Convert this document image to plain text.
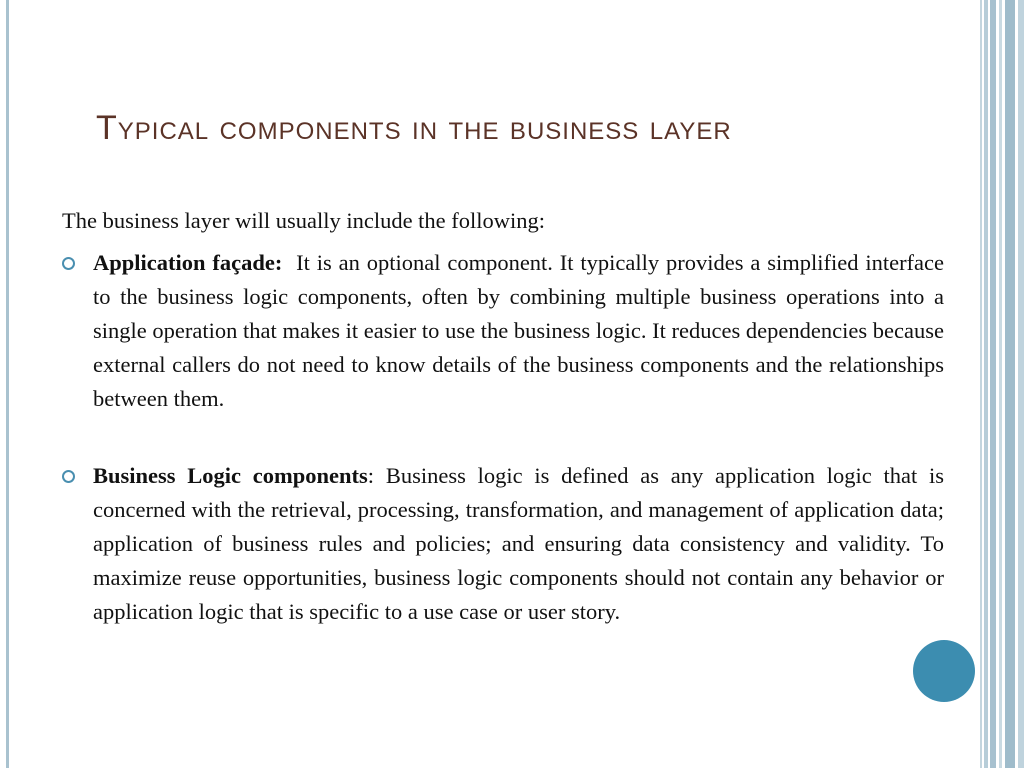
Typical components in the business layer
The business layer will usually include the following:
Application façade: It is an optional component. It typically provides a simplified interface to the business logic components, often by combining multiple business operations into a single operation that makes it easier to use the business logic. It reduces dependencies because external callers do not need to know details of the business components and the relationships between them.
Business Logic components: Business logic is defined as any application logic that is concerned with the retrieval, processing, transformation, and management of application data; application of business rules and policies; and ensuring data consistency and validity. To maximize reuse opportunities, business logic components should not contain any behavior or application logic that is specific to a use case or user story.
